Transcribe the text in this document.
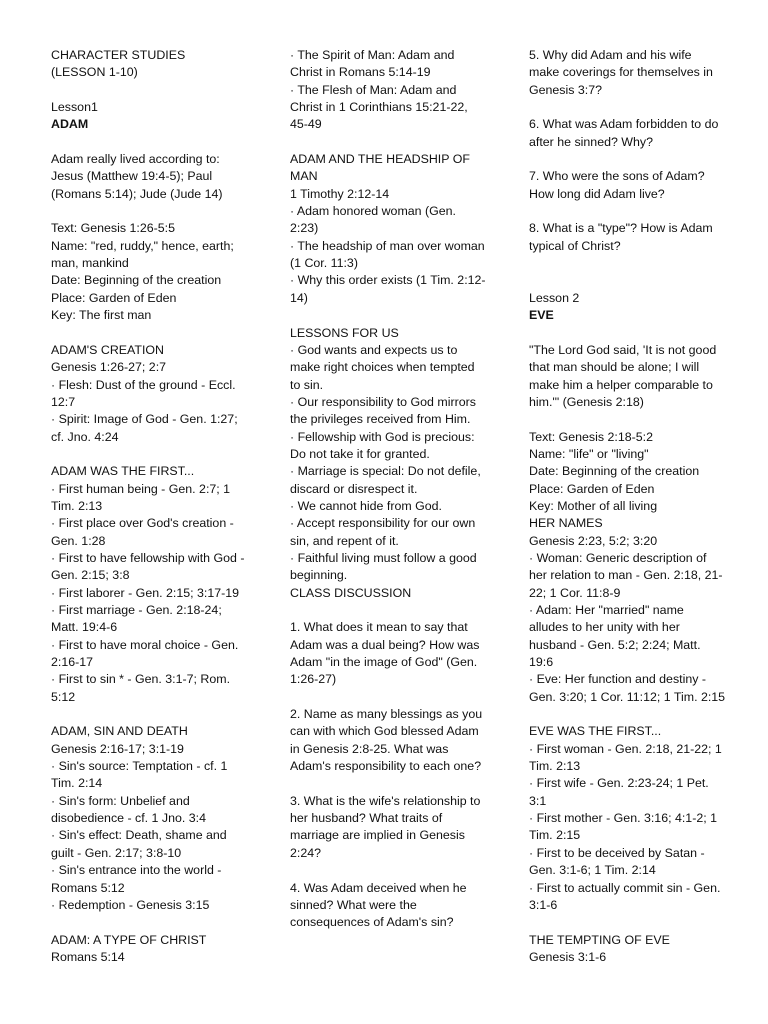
CHARACTER STUDIES
(LESSON 1-10)
Lesson1
ADAM
Adam really lived according to:
Jesus (Matthew 19:4-5); Paul
(Romans 5:14); Jude (Jude 14)
Text: Genesis 1:26-5:5
Name: "red, ruddy," hence, earth;
man, mankind
Date: Beginning of the creation
Place: Garden of Eden
Key: The first man
ADAM'S CREATION
Genesis 1:26-27; 2:7
· Flesh: Dust of the ground - Eccl.
12:7
· Spirit: Image of God - Gen. 1:27;
cf. Jno. 4:24
ADAM WAS THE FIRST...
· First human being - Gen. 2:7; 1
Tim. 2:13
· First place over God's creation -
Gen. 1:28
· First to have fellowship with God -
Gen. 2:15; 3:8
· First laborer - Gen. 2:15; 3:17-19
· First marriage - Gen. 2:18-24;
Matt. 19:4-6
· First to have moral choice - Gen.
2:16-17
· First to sin * - Gen. 3:1-7; Rom.
5:12
ADAM, SIN AND DEATH
Genesis 2:16-17; 3:1-19
· Sin's source: Temptation - cf. 1
Tim. 2:14
· Sin's form: Unbelief and
disobedience - cf. 1 Jno. 3:4
· Sin's effect: Death, shame and
guilt - Gen. 2:17; 3:8-10
· Sin's entrance into the world -
Romans 5:12
· Redemption - Genesis 3:15
ADAM: A TYPE OF CHRIST
Romans 5:14
· The Spirit of Man: Adam and
Christ in Romans 5:14-19
· The Flesh of Man: Adam and
Christ in 1 Corinthians 15:21-22,
45-49
ADAM AND THE HEADSHIP OF
MAN
1 Timothy 2:12-14
· Adam honored woman (Gen.
2:23)
· The headship of man over woman
(1 Cor. 11:3)
· Why this order exists (1 Tim. 2:12-
14)
LESSONS FOR US
· God wants and expects us to
make right choices when tempted
to sin.
· Our responsibility to God mirrors
the privileges received from Him.
· Fellowship with God is precious:
Do not take it for granted.
· Marriage is special: Do not defile,
discard or disrespect it.
· We cannot hide from God.
· Accept responsibility for our own
sin, and repent of it.
· Faithful living must follow a good
beginning.
CLASS DISCUSSION
1. What does it mean to say that
Adam was a dual being? How was
Adam "in the image of God" (Gen.
1:26-27)
2. Name as many blessings as you
can with which God blessed Adam
in Genesis 2:8-25. What was
Adam's responsibility to each one?
3. What is the wife's relationship to
her husband? What traits of
marriage are implied in Genesis
2:24?
4. Was Adam deceived when he
sinned? What were the
consequences of Adam's sin?
5. Why did Adam and his wife
make coverings for themselves in
Genesis 3:7?
6. What was Adam forbidden to do
after he sinned? Why?
7. Who were the sons of Adam?
How long did Adam live?
8. What is a "type"? How is Adam
typical of Christ?
Lesson 2
EVE
"The Lord God said, 'It is not good
that man should be alone; I will
make him a helper comparable to
him.'" (Genesis 2:18)
Text: Genesis 2:18-5:2
Name: "life" or "living"
Date: Beginning of the creation
Place: Garden of Eden
Key: Mother of all living
HER NAMES
Genesis 2:23, 5:2; 3:20
· Woman: Generic description of
her relation to man - Gen. 2:18, 21-
22; 1 Cor. 11:8-9
· Adam: Her "married" name
alludes to her unity with her
husband - Gen. 5:2; 2:24; Matt.
19:6
· Eve: Her function and destiny -
Gen. 3:20; 1 Cor. 11:12; 1 Tim. 2:15
EVE WAS THE FIRST...
· First woman - Gen. 2:18, 21-22; 1
Tim. 2:13
· First wife - Gen. 2:23-24; 1 Pet.
3:1
· First mother - Gen. 3:16; 4:1-2; 1
Tim. 2:15
· First to be deceived by Satan -
Gen. 3:1-6; 1 Tim. 2:14
· First to actually commit sin - Gen.
3:1-6
THE TEMPTING OF EVE
Genesis 3:1-6
